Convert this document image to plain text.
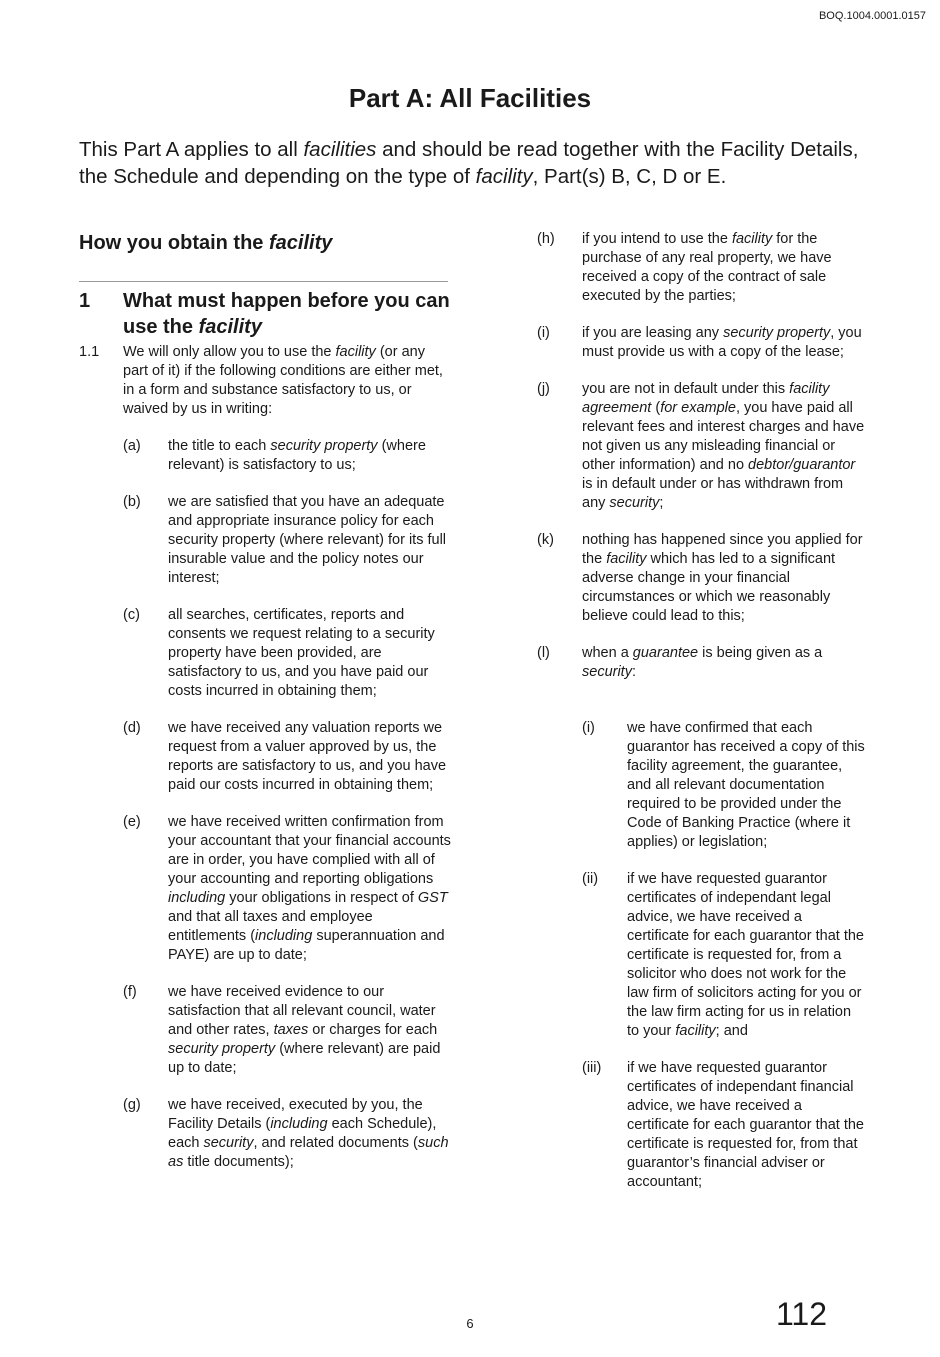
BOQ.1004.0001.0157
Part A: All Facilities
This Part A applies to all facilities and should be read together with the Facility Details, the Schedule and depending on the type of facility, Part(s) B, C, D or E.
How you obtain the facility
1	What must happen before you can use the facility
1.1	We will only allow you to use the facility (or any part of it) if the following conditions are either met, in a form and substance satisfactory to us, or waived by us in writing:
(a)	the title to each security property (where relevant) is satisfactory to us;
(b)	we are satisfied that you have an adequate and appropriate insurance policy for each security property (where relevant) for its full insurable value and the policy notes our interest;
(c)	all searches, certificates, reports and consents we request relating to a security property have been provided, are satisfactory to us, and you have paid our costs incurred in obtaining them;
(d)	we have received any valuation reports we request from a valuer approved by us, the reports are satisfactory to us, and you have paid our costs incurred in obtaining them;
(e)	we have received written confirmation from your accountant that your financial accounts are in order, you have complied with all of your accounting and reporting obligations including your obligations in respect of GST and that all taxes and employee entitlements (including superannuation and PAYE) are up to date;
(f)	we have received evidence to our satisfaction that all relevant council, water and other rates, taxes or charges for each security property (where relevant) are paid up to date;
(g)	we have received, executed by you, the Facility Details (including each Schedule), each security, and related documents (such as title documents);
(h)	if you intend to use the facility for the purchase of any real property, we have received a copy of the contract of sale executed by the parties;
(i)	if you are leasing any security property, you must provide us with a copy of the lease;
(j)	you are not in default under this facility agreement (for example, you have paid all relevant fees and interest charges and have not given us any misleading financial or other information) and no debtor/guarantor is in default under or has withdrawn from any security;
(k)	nothing has happened since you applied for the facility which has led to a significant adverse change in your financial circumstances or which we reasonably believe could lead to this;
(l)	when a guarantee is being given as a security:
(i)	we have confirmed that each guarantor has received a copy of this facility agreement, the guarantee, and all relevant documentation required to be provided under the Code of Banking Practice (where it applies) or legislation;
(ii)	if we have requested guarantor certificates of independant legal advice, we have received a certificate for each guarantor that the certificate is requested for, from a solicitor who does not work for the law firm of solicitors acting for you or the law firm acting for us in relation to your facility; and
(iii)	if we have requested guarantor certificates of independant financial advice, we have received a certificate for each guarantor that the certificate is requested for, from that guarantor’s financial adviser or accountant;
6	112
